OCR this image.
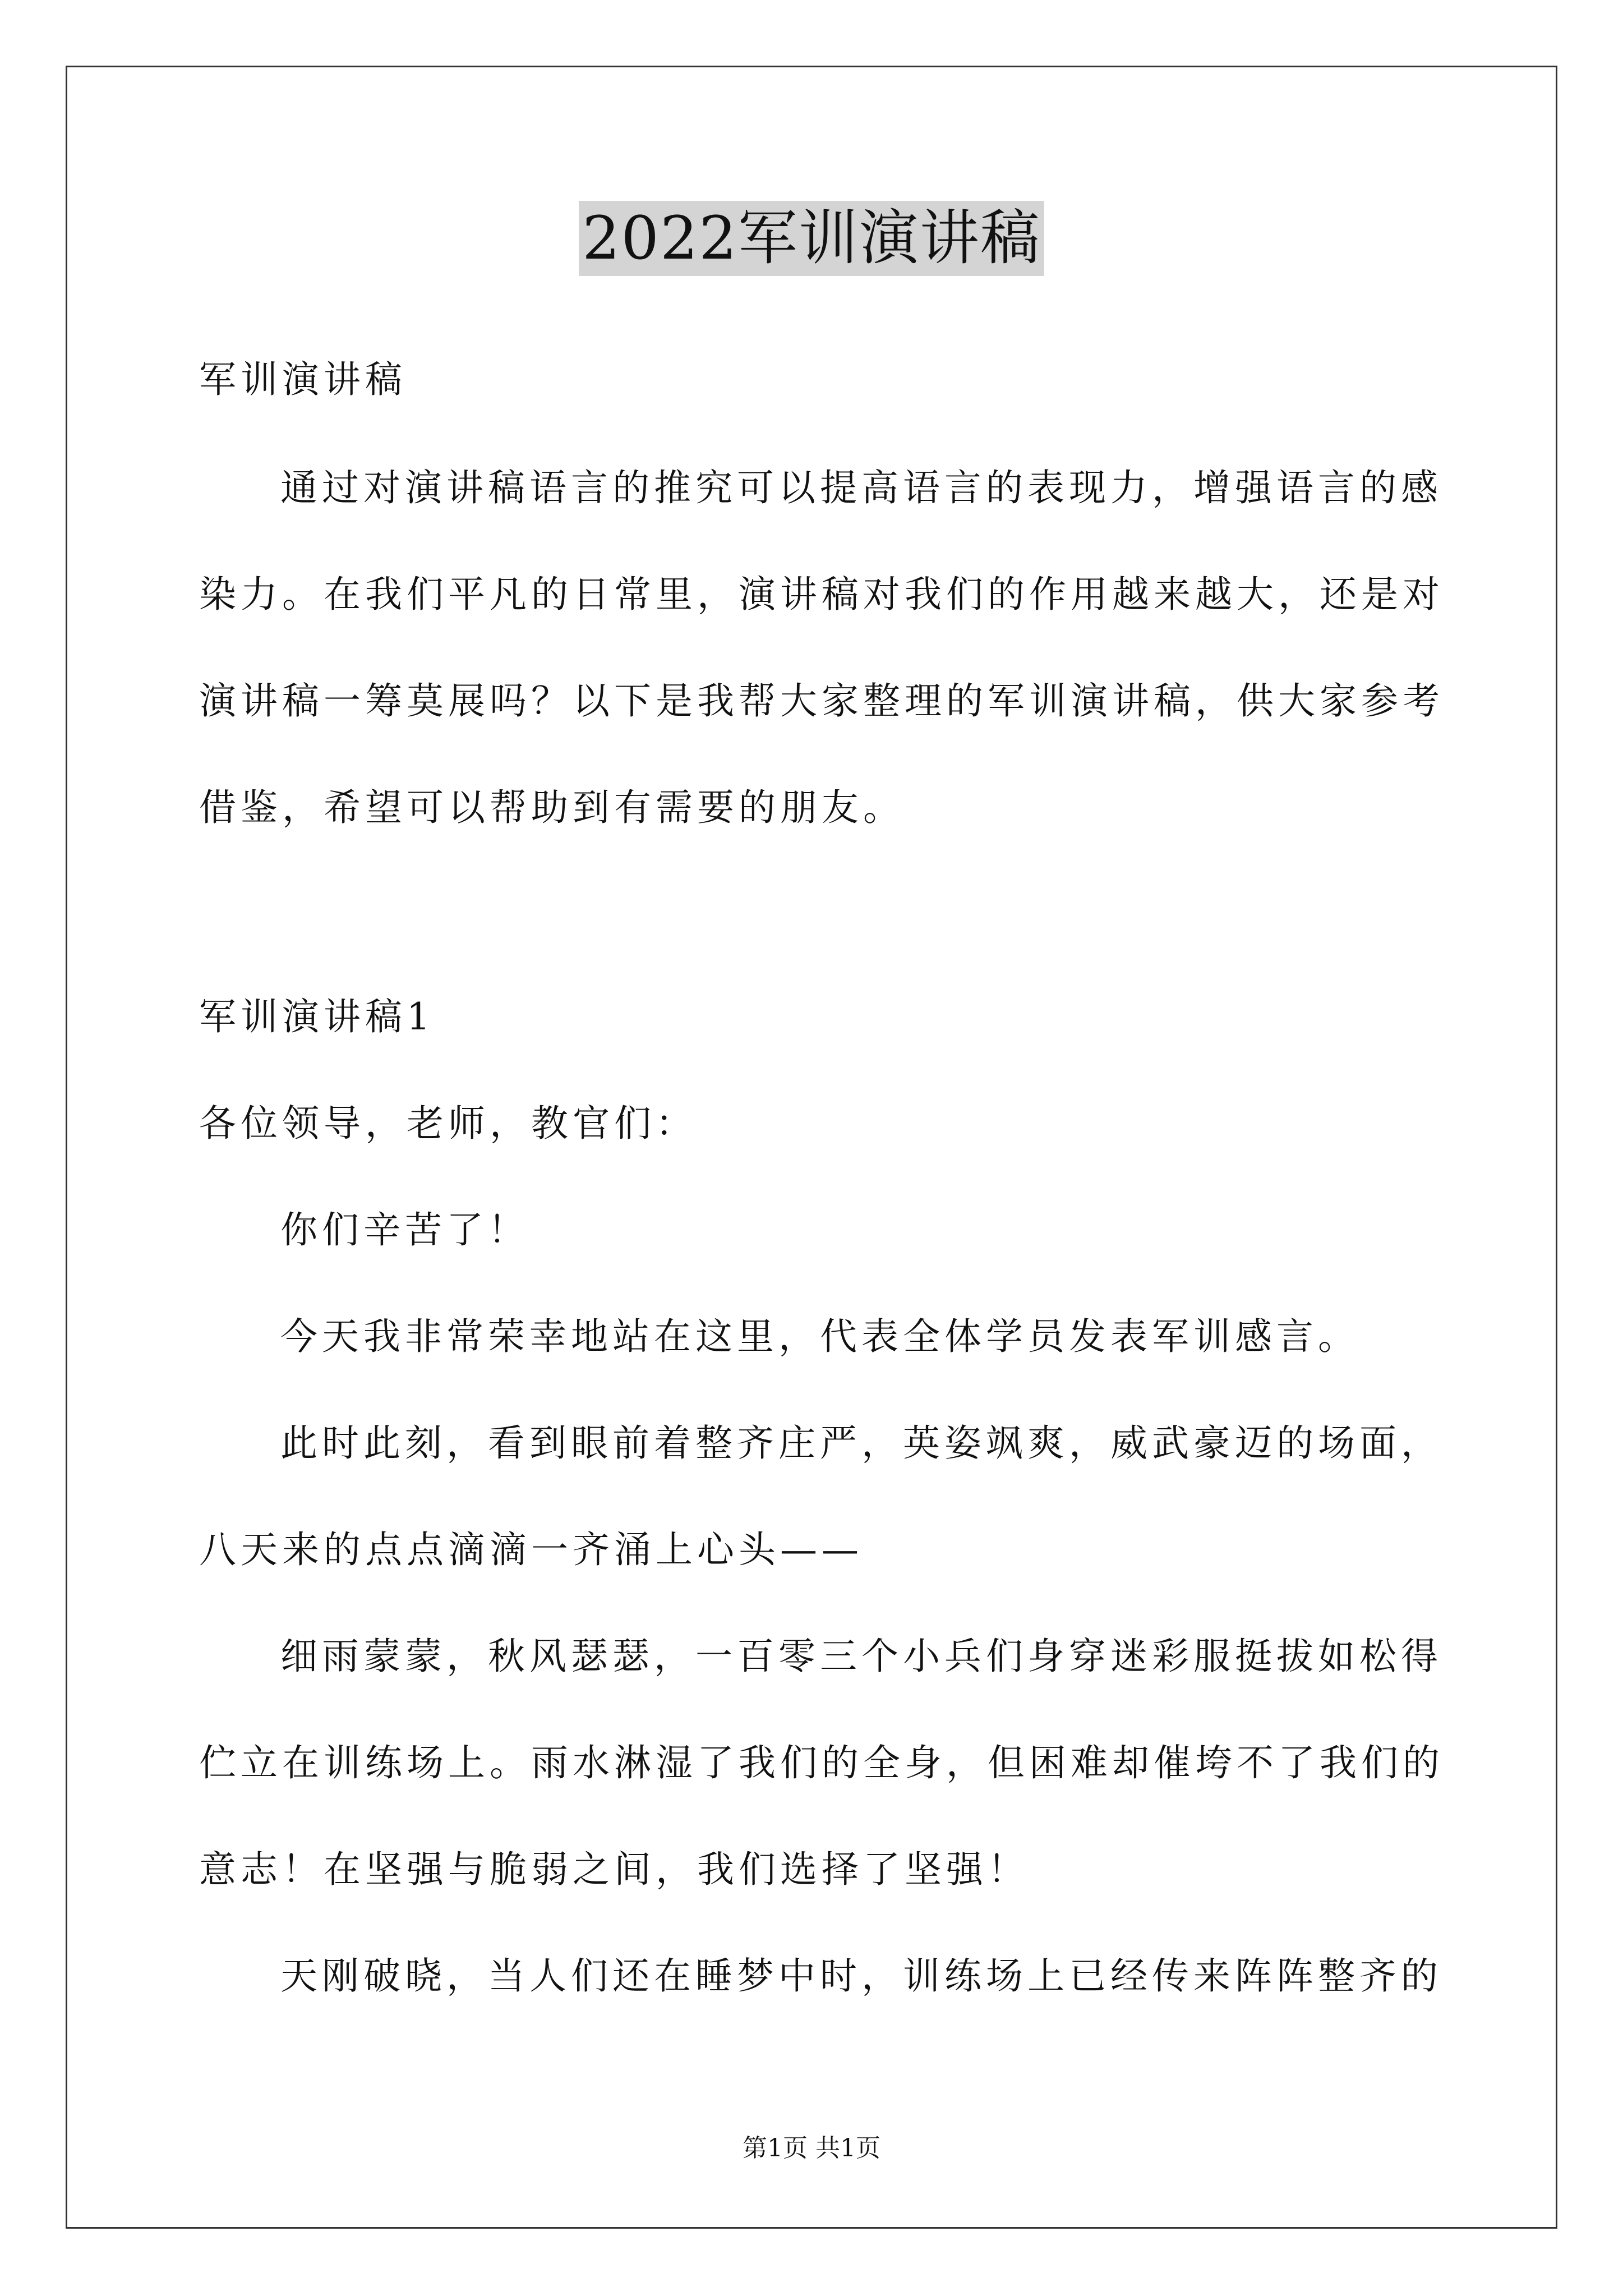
2022军训演讲稿
军训演讲稿
通过对演讲稿语言的推究可以提高语言的表现力，增强语言的感
染力。在我们平凡的日常里，演讲稿对我们的作用越来越大，还是对
演讲稿一筹莫展吗？以下是我帮大家整理的军训演讲稿，供大家参考
借鉴，希望可以帮助到有需要的朋友。
军训演讲稿1
各位领导，老师，教官们：
你们辛苦了！
今天我非常荣幸地站在这里，代表全体学员发表军训感言。
此时此刻，看到眼前着整齐庄严，英姿飒爽，威武豪迈的场面，
八天来的点点滴滴一齐涌上心头——
细雨蒙蒙，秋风瑟瑟，一百零三个小兵们身穿迷彩服挺拔如松得
伫立在训练场上。雨水淋湿了我们的全身，但困难却催垮不了我们的
意志！在坚强与脆弱之间，我们选择了坚强！
天刚破晓，当人们还在睡梦中时，训练场上已经传来阵阵整齐的
第1页 共1页
